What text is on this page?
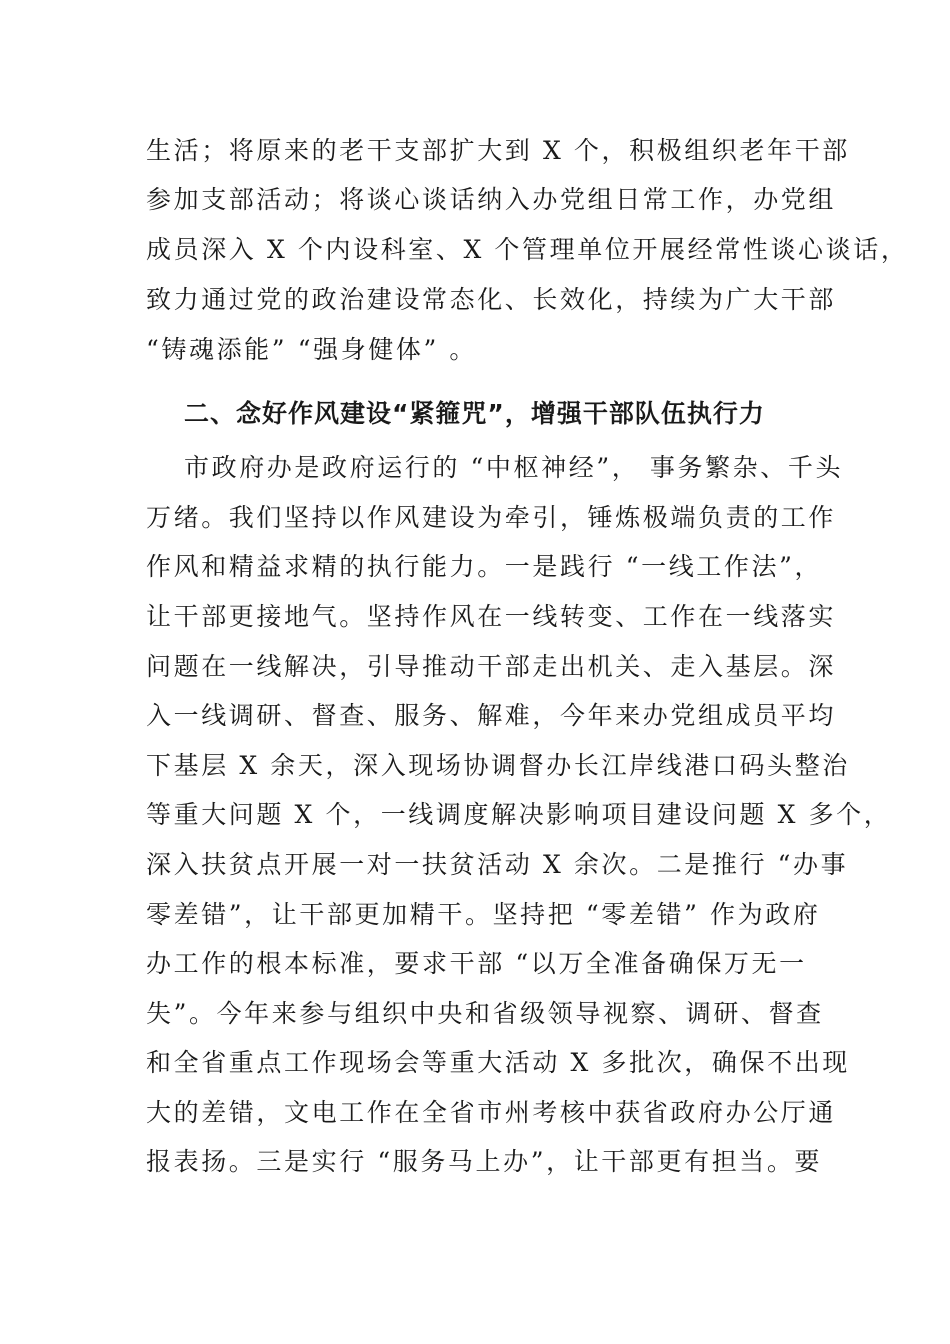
生活；将原来的老干支部扩大到 X 个，积极组织老年干部
参加支部活动；将谈心谈话纳入办党组日常工作，办党组
成员深入 X 个内设科室、X 个管理单位开展经常性谈心谈话，
致力通过党的政治建设常态化、长效化，持续为广大干部
“铸魂添能” “强身健体” 。
二、念好作风建设“紧箍咒”，增强干部队伍执行力
市政府办是政府运行的 “中枢神经”， 事务繁杂、千头
万绪。我们坚持以作风建设为牵引，锤炼极端负责的工作
作风和精益求精的执行能力。一是践行 “一线工作法”，
让干部更接地气。坚持作风在一线转变、工作在一线落实
问题在一线解决，引导推动干部走出机关、走入基层。深
入一线调研、督查、服务、解难，今年来办党组成员平均
下基层 X 余天，深入现场协调督办长江岸线港口码头整治
等重大问题 X 个，一线调度解决影响项目建设问题 X 多个，
深入扶贫点开展一对一扶贫活动 X 余次。二是推行 “办事
零差错”，让干部更加精干。坚持把 “零差错” 作为政府
办工作的根本标准，要求干部 “以万全准备确保万无一
失”。今年来参与组织中央和省级领导视察、调研、督查
和全省重点工作现场会等重大活动 X 多批次，确保不出现
大的差错，文电工作在全省市州考核中获省政府办公厅通
报表扬。三是实行 “服务马上办”，让干部更有担当。要
